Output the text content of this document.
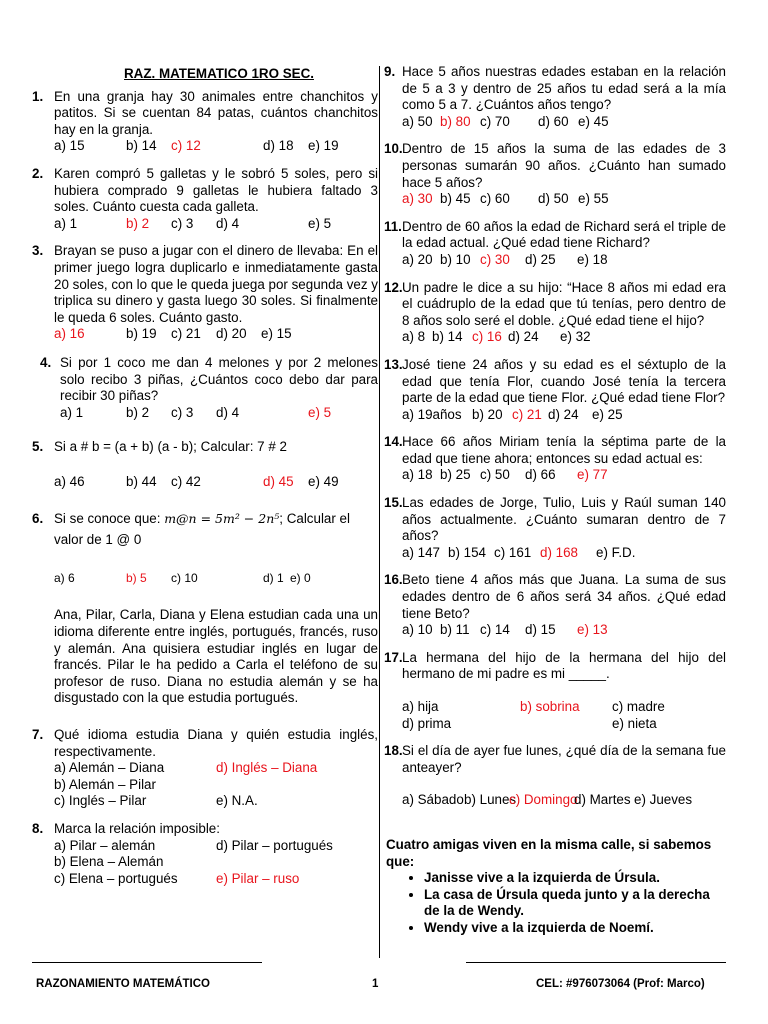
RAZ. MATEMATICO 1RO SEC.
1. En una granja hay 30 animales entre chanchitos y patitos. Si se cuentan 84 patas, cuántos chanchitos hay en la granja.
a) 15	b) 14	c) 12	d) 18	e) 19
2. Karen compró 5 galletas y le sobró 5 soles, pero si hubiera comprado 9 galletas le hubiera faltado 3 soles. Cuánto cuesta cada galleta.
a) 1	b) 2	c) 3	d) 4	e) 5
3. Brayan se puso a jugar con el dinero de llevaba: En el primer juego logra duplicarlo e inmediatamente gasta 20 soles, con lo que le queda juega por segunda vez y triplica su dinero y gasta luego 30 soles. Si finalmente le queda 6 soles. Cuánto gasto.
a) 16	b) 19	c) 21	d) 20	e) 15
4. Si por 1 coco me dan 4 melones y por 2 melones solo recibo 3 piñas, ¿Cuántos coco debo dar para recibir 30 piñas?
a) 1	b) 2	c) 3	d) 4	e) 5
5. Si a # b = (a + b) (a - b); Calcular: 7 # 2
a) 46	b) 44	c) 42	d) 45	e) 49
6. Si se conoce que: m@n = 5m² − 2n⁵; Calcular el valor de 1 @ 0
a) 6	b) 5	c) 10	d) 1 e) 0
Ana, Pilar, Carla, Diana y Elena estudian cada una un idioma diferente entre inglés, portugués, francés, ruso y alemán. Ana quisiera estudiar inglés en lugar de francés. Pilar le ha pedido a Carla el teléfono de su profesor de ruso. Diana no estudia alemán y se ha disgustado con la que estudia portugués.
7. Qué idioma estudia Diana y quién estudia inglés, respectivamente.
a) Alemán – Diana	d) Inglés – Diana
b) Alemán – Pilar
c) Inglés – Pilar	e) N.A.
8. Marca la relación imposible:
a) Pilar – alemán	d) Pilar – portugués
b) Elena – Alemán
c) Elena – portugués	e) Pilar – ruso
9. Hace 5 años nuestras edades estaban en la relación de 5 a 3 y dentro de 25 años tu edad será a la mía como 5 a 7. ¿Cuántos años tengo?
a) 50 b) 80 c) 70	d) 60 e) 45
10. Dentro de 15 años la suma de las edades de 3 personas sumarán 90 años. ¿Cuánto han sumado hace 5 años?
a) 30 b) 45 c) 60	d) 50 e) 55
11. Dentro de 60 años la edad de Richard será el triple de la edad actual. ¿Qué edad tiene Richard?
a) 20 b) 10 c) 30	d) 25	e) 18
12. Un padre le dice a su hijo: “Hace 8 años mi edad era el cuádruplo de la edad que tú tenías, pero dentro de 8 años solo seré el doble. ¿Qué edad tiene el hijo?
a) 8 b) 14 c) 16 d) 24	e) 32
13. José tiene 24 años y su edad es el séxtuplo de la edad que tenía Flor, cuando José tenía la tercera parte de la edad que tiene Flor. ¿Qué edad tiene Flor?
a) 19años b) 20 c) 21 d) 24 e) 25
14. Hace 66 años Miriam tenía la séptima parte de la edad que tiene ahora; entonces su edad actual es:
a) 18 b) 25 c) 50	d) 66	e) 77
15. Las edades de Jorge, Tulio, Luis y Raúl suman 140 años actualmente. ¿Cuánto sumaran dentro de 7 años?
a) 147 b) 154 c) 161 d) 168	e) F.D.
16. Beto tiene 4 años más que Juana. La suma de sus edades dentro de 6 años será 34 años. ¿Qué edad tiene Beto?
a) 10 b) 11 c) 14	d) 15	e) 13
17. La hermana del hijo de la hermana del hijo del hermano de mi padre es mi _____.
a) hija	b) sobrina	c) madre
d) prima	e) nieta
18. Si el día de ayer fue lunes, ¿qué día de la semana fue anteayer?
a) Sábado b) Lunes
c) Domingo
d) Martes e) Jueves
Cuatro amigas viven en la misma calle, si sabemos que:
• Janisse vive a la izquierda de Úrsula.
• La casa de Úrsula queda junto y a la derecha de la de Wendy.
• Wendy vive a la izquierda de Noemí.
RAZONAMIENTO MATEMÁTICO	1	CEL: #976073064 (Prof: Marco)
